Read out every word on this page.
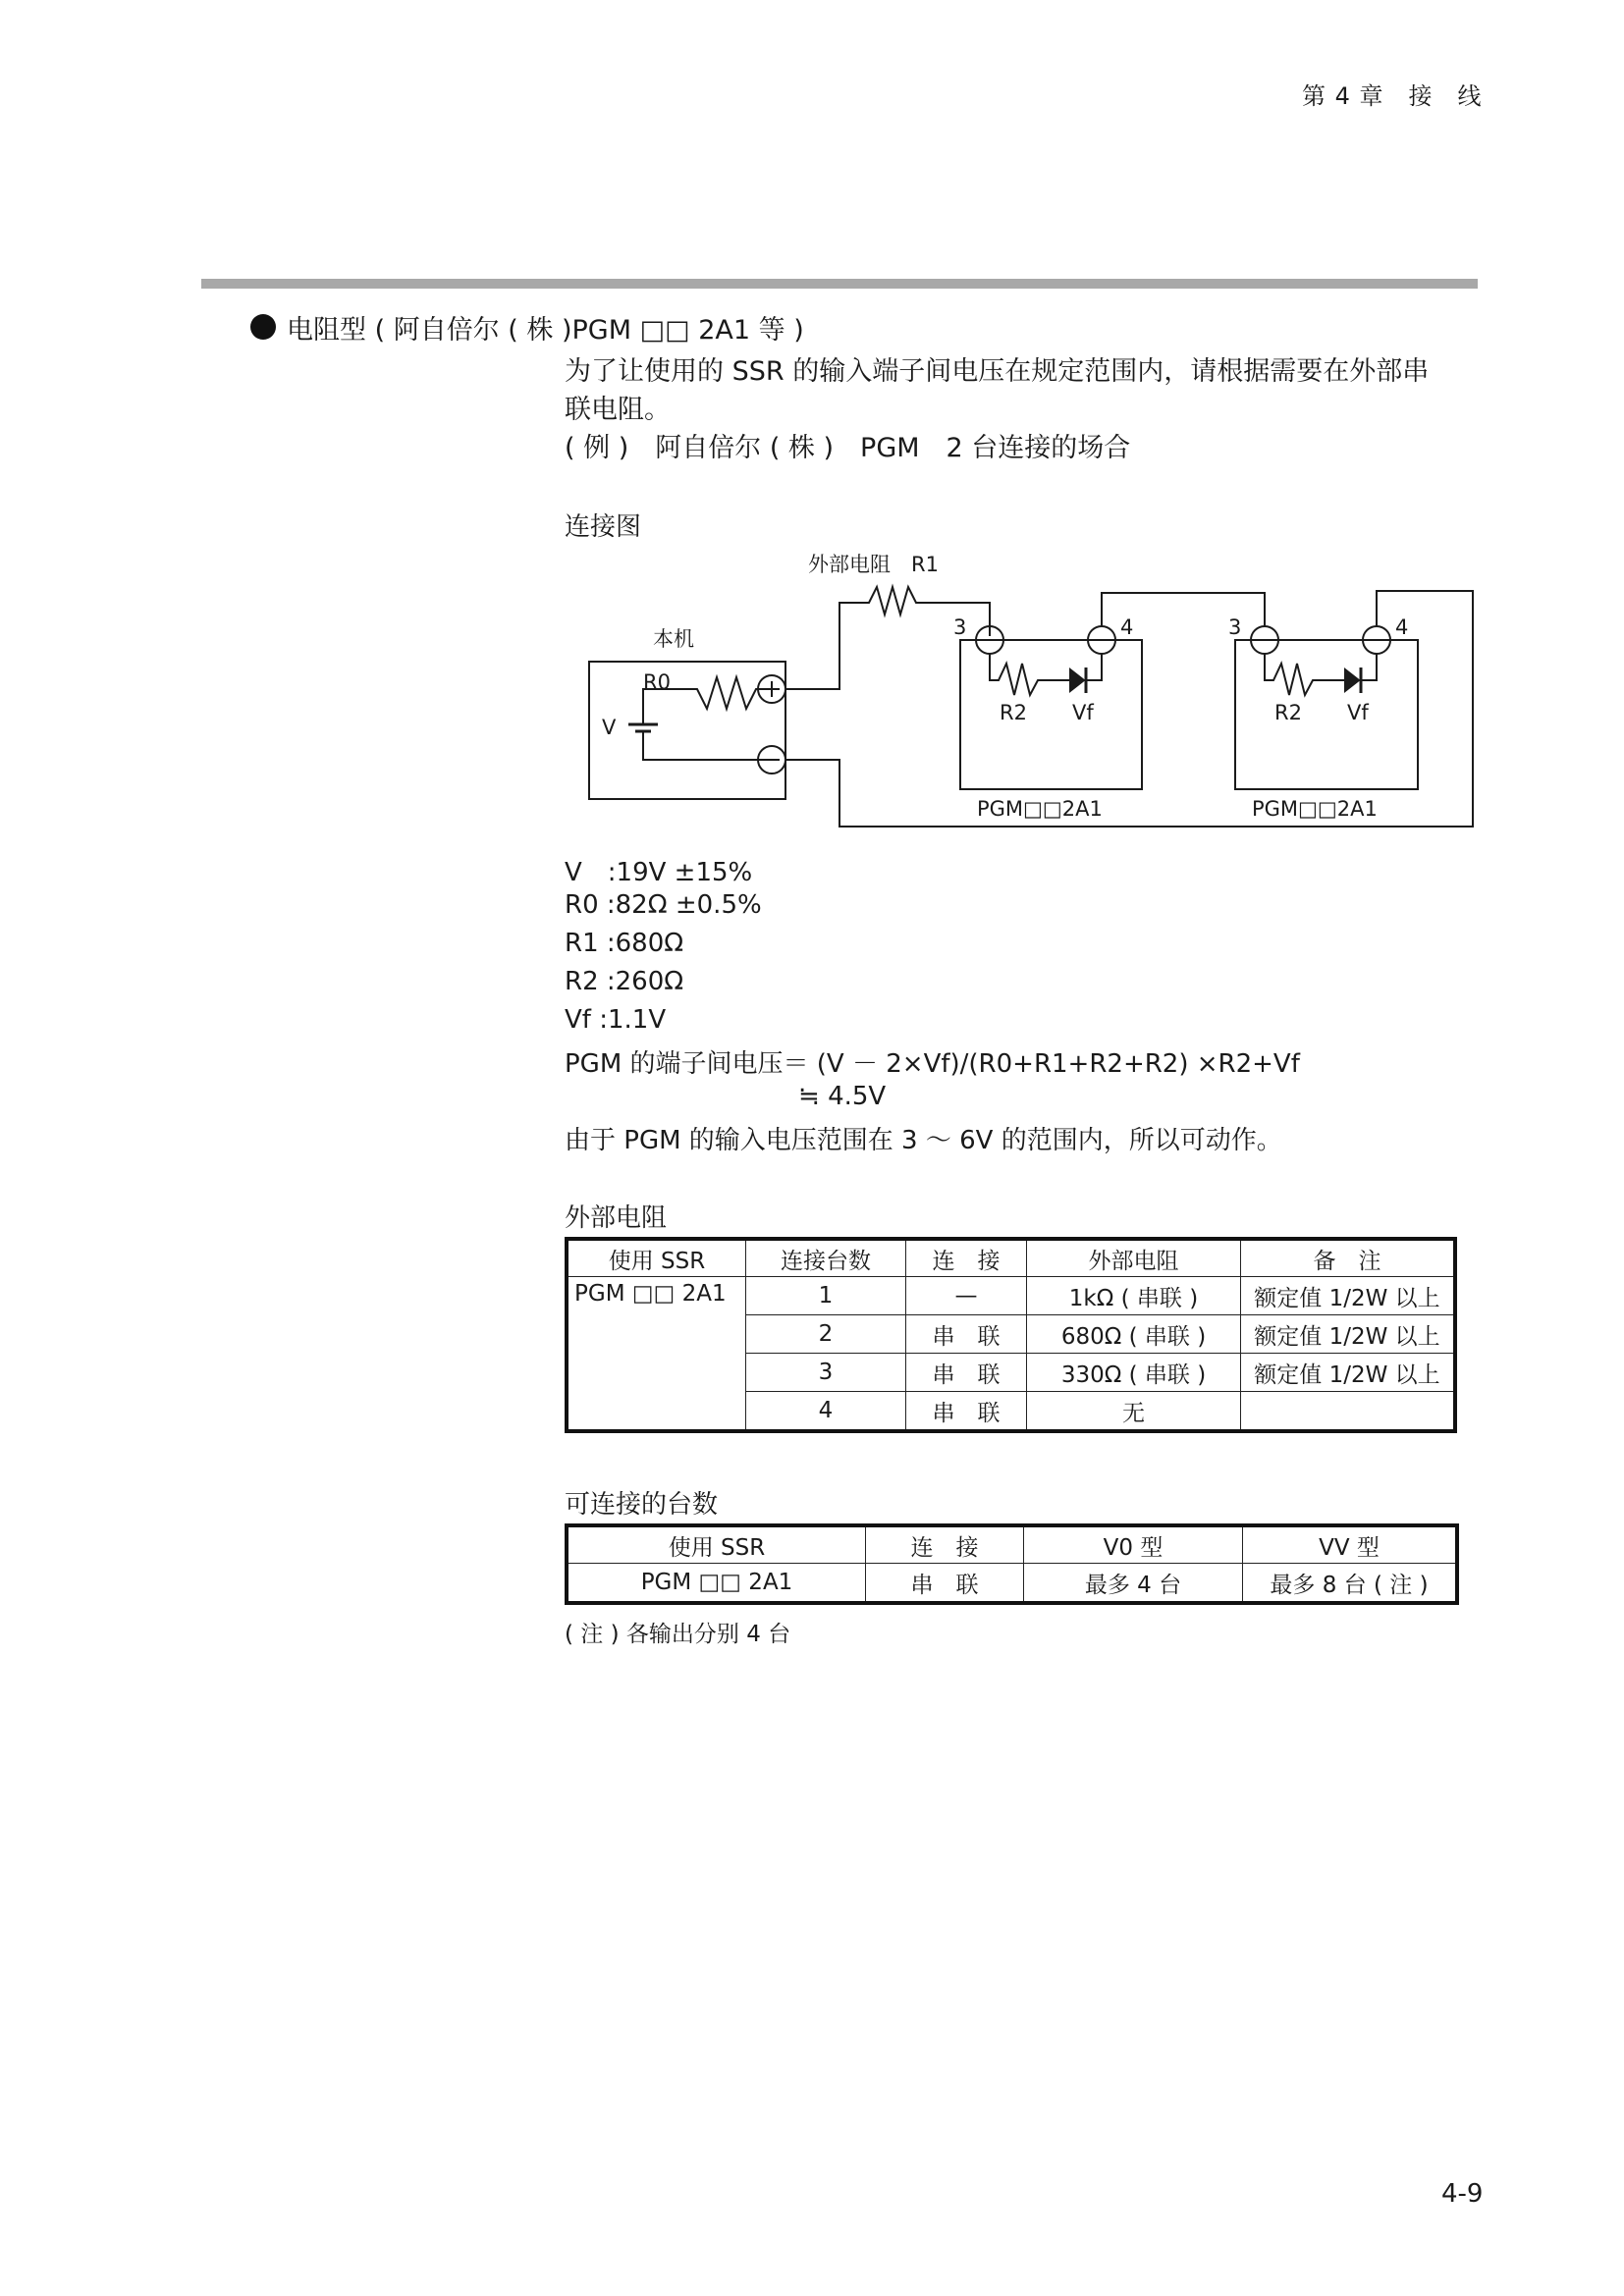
第 4 章　接　线
电阻型 ( 阿自倍尔 ( 株 )PGM □□ 2A1 等 )
为了让使用的 SSR 的输入端子间电压在规定范围内，请根据需要在外部串
联电阻。
( 例 )　阿自倍尔 ( 株 )　PGM　2 台连接的场合
连接图
外部电阻　R1
本机
R0
V
3	4
R2 Vf
PGM□□2A1
3	4
R2 Vf
PGM□□2A1
V　:19V ±15%
R0 :82Ω ±0.5%
R1 :680Ω
R2 :260Ω
Vf :1.1V
PGM 的端子间电压＝ (V － 2×Vf)/(R0+R1+R2+R2) ×R2+Vf
≒ 4.5V
由于 PGM 的输入电压范围在 3 ～ 6V 的范围内，所以可动作。
外部电阻
使用 SSR	连接台数	连　接	外部电阻	备　注
PGM □□ 2A1	1	—	1kΩ ( 串联 )	额定值 1/2W 以上
	2	串　联	680Ω ( 串联 )	额定值 1/2W 以上
	3	串　联	330Ω ( 串联 )	额定值 1/2W 以上
	4	串　联	无	
可连接的台数
使用 SSR	连　接	V0 型	VV 型
PGM □□ 2A1	串　联	最多 4 台	最多 8 台 ( 注 )
( 注 ) 各输出分别 4 台
4-9
